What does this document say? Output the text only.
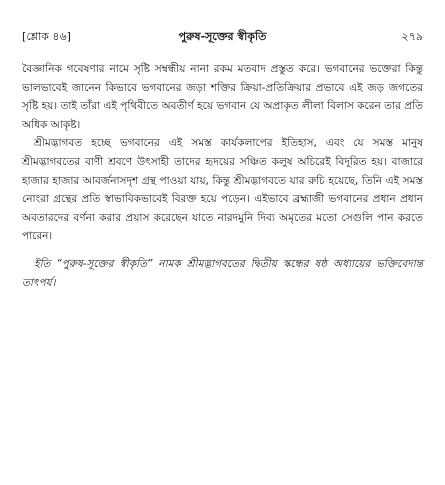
[শ্লোক ৪৬]	পুরুষ-সূক্তের স্বীকৃতি	২৭৯

বৈজ্ঞানিক গবেষণার নামে সৃষ্টি সম্বন্ধীয় নানা রকম মতবাদ প্রস্তুত করে। ভগবানের ভক্তেরা কিন্তু ভালভাবেই জানেন কিভাবে ভগবানের জড়া শক্তির ক্রিয়া-প্রতিক্রিয়ার প্রভাবে এই জড় জগতের সৃষ্টি হয়। তাই তাঁরা এই পৃথিবীতে অবতীর্ণ হয়ে ভগবান যে অপ্রাকৃত লীলা বিলাস করেন তার প্রতি অধিক আকৃষ্ট।

শ্রীমদ্ভাগবত হচ্ছে ভগবানের এই সমস্ত কার্যকলাপের ইতিহাস, এবং যে সমস্ত মানুষ শ্রীমদ্ভাগবতের বাণী শ্রবণে উৎসাহী তাদের হৃদয়ের সঞ্চিত কলুষ অচিরেই বিদূরিত হয়। বাজারে হাজার হাজার আবর্জনাসদৃশ গ্রন্থ পাওয়া যায়, কিন্তু শ্রীমদ্ভাগবতে যার রুচি হয়েছে, তিনি এই সমস্ত নোংরা গ্রন্থের প্রতি স্বাভাবিকভাবেই বিরক্ত হয়ে পড়েন। এইভাবে ব্রহ্মাজী ভগবানের প্রধান প্রধান অবতারদের বর্ণনা করার প্রয়াস করেছেন যাতে নারদমুনি দিব্য অমৃতের মতো সেগুলি পান করতে পারেন।

ইতি “পুরুষ-সূক্তের স্বীকৃতি” নামক শ্রীমদ্ভাগবতের দ্বিতীয় স্কন্ধের ষষ্ঠ অধ্যায়ের ভক্তিবেদান্ত তাৎপর্য।
